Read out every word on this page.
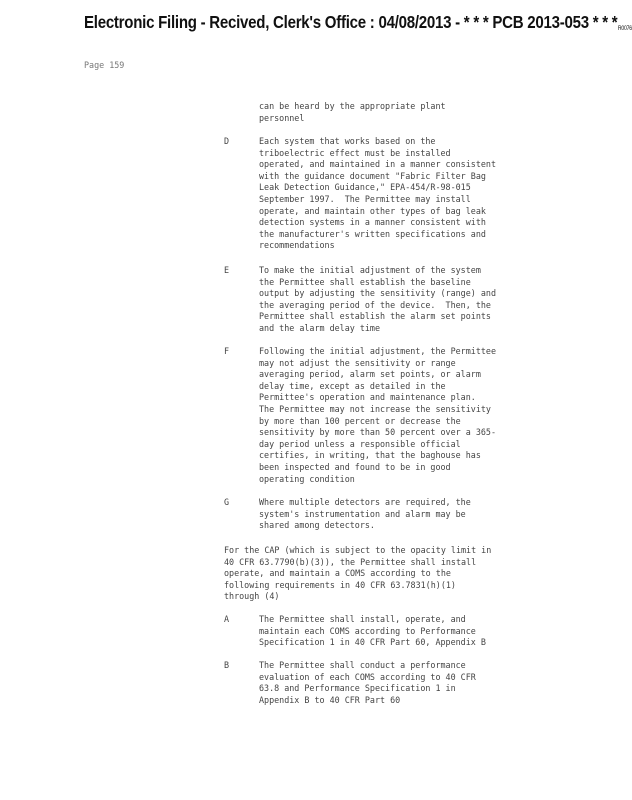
Electronic Filing - Recived, Clerk's Office : 04/08/2013 - * * * PCB 2013-053 * * * $_{R0076}$
Page 159
can be heard by the appropriate plant
personnel
D	Each system that works based on the
triboelectric effect must be installed
operated, and maintained in a manner consistent
with the guidance document "Fabric Filter Bag
Leak Detection Guidance," EPA-454/R-98-015
September 1997.  The Permittee may install
operate, and maintain other types of bag leak
detection systems in a manner consistent with
the manufacturer's written specifications and
recommendations
E	To make the initial adjustment of the system
the Permittee shall establish the baseline
output by adjusting the sensitivity (range) and
the averaging period of the device.  Then, the
Permittee shall establish the alarm set points
and the alarm delay time
F	Following the initial adjustment, the Permittee
may not adjust the sensitivity or range
averaging period, alarm set points, or alarm
delay time, except as detailed in the
Permittee's operation and maintenance plan.
The Permittee may not increase the sensitivity
by more than 100 percent or decrease the
sensitivity by more than 50 percent over a 365-
day period unless a responsible official
certifies, in writing, that the baghouse has
been inspected and found to be in good
operating condition
G	Where multiple detectors are required, the
system's instrumentation and alarm may be
shared among detectors.
For the CAP (which is subject to the opacity limit in
40 CFR 63.7790(b)(3)), the Permittee shall install
operate, and maintain a COMS according to the
following requirements in 40 CFR 63.7831(h)(1)
through (4)
A	The Permittee shall install, operate, and
maintain each COMS according to Performance
Specification 1 in 40 CFR Part 60, Appendix B
B	The Permittee shall conduct a performance
evaluation of each COMS according to 40 CFR
63.8 and Performance Specification 1 in
Appendix B to 40 CFR Part 60
